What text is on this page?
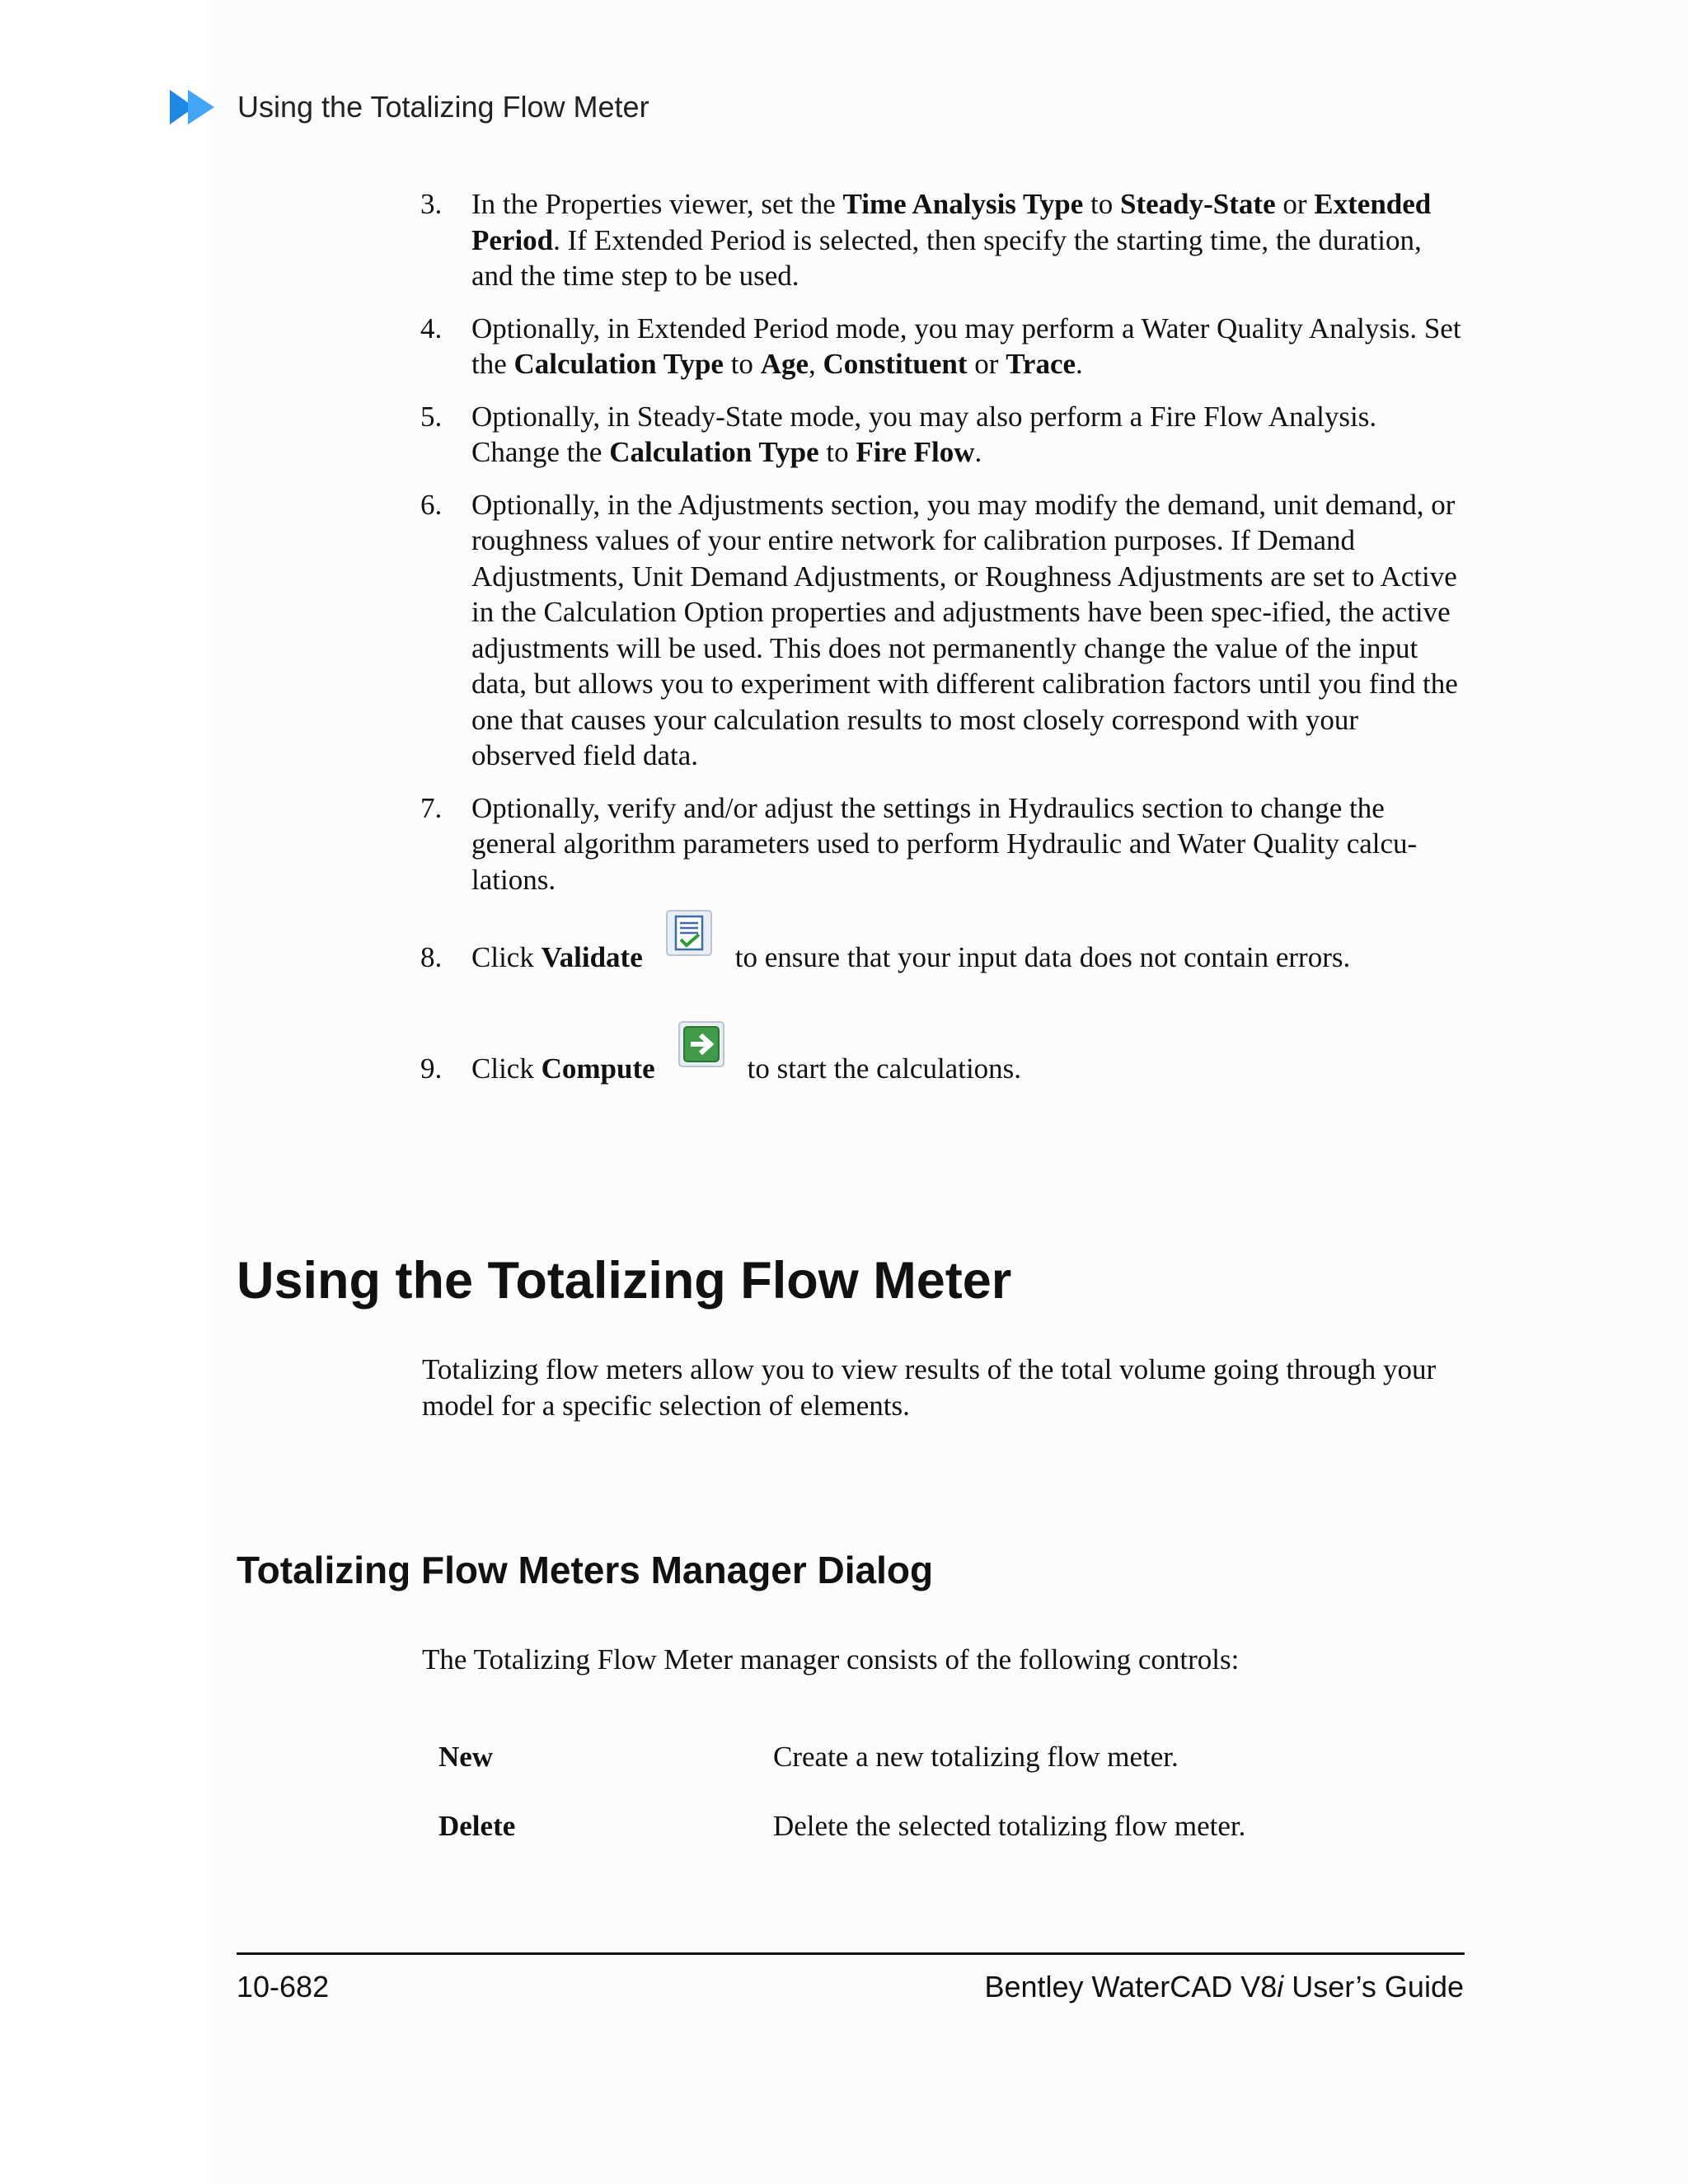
Using the Totalizing Flow Meter
3.	In the Properties viewer, set the Time Analysis Type to Steady-State or Extended Period. If Extended Period is selected, then specify the starting time, the duration, and the time step to be used.
4.	Optionally, in Extended Period mode, you may perform a Water Quality Analysis. Set the Calculation Type to Age, Constituent or Trace.
5.	Optionally, in Steady-State mode, you may also perform a Fire Flow Analysis. Change the Calculation Type to Fire Flow.
6.	Optionally, in the Adjustments section, you may modify the demand, unit demand, or roughness values of your entire network for calibration purposes. If Demand Adjustments, Unit Demand Adjustments, or Roughness Adjustments are set to Active in the Calculation Option properties and adjustments have been spec-ified, the active adjustments will be used. This does not permanently change the value of the input data, but allows you to experiment with different calibration factors until you find the one that causes your calculation results to most closely correspond with your observed field data.
7.	Optionally, verify and/or adjust the settings in Hydraulics section to change the general algorithm parameters used to perform Hydraulic and Water Quality calcu-lations.
8.	Click Validate	to ensure that your input data does not contain errors.
9.	Click Compute	to start the calculations.
Using the Totalizing Flow Meter

Totalizing flow meters allow you to view results of the total volume going through your model for a specific selection of elements.

Totalizing Flow Meters Manager Dialog

The Totalizing Flow Meter manager consists of the following controls:

New	Create a new totalizing flow meter.
Delete	Delete the selected totalizing flow meter.
10-682	Bentley WaterCAD V8i User’s Guide
